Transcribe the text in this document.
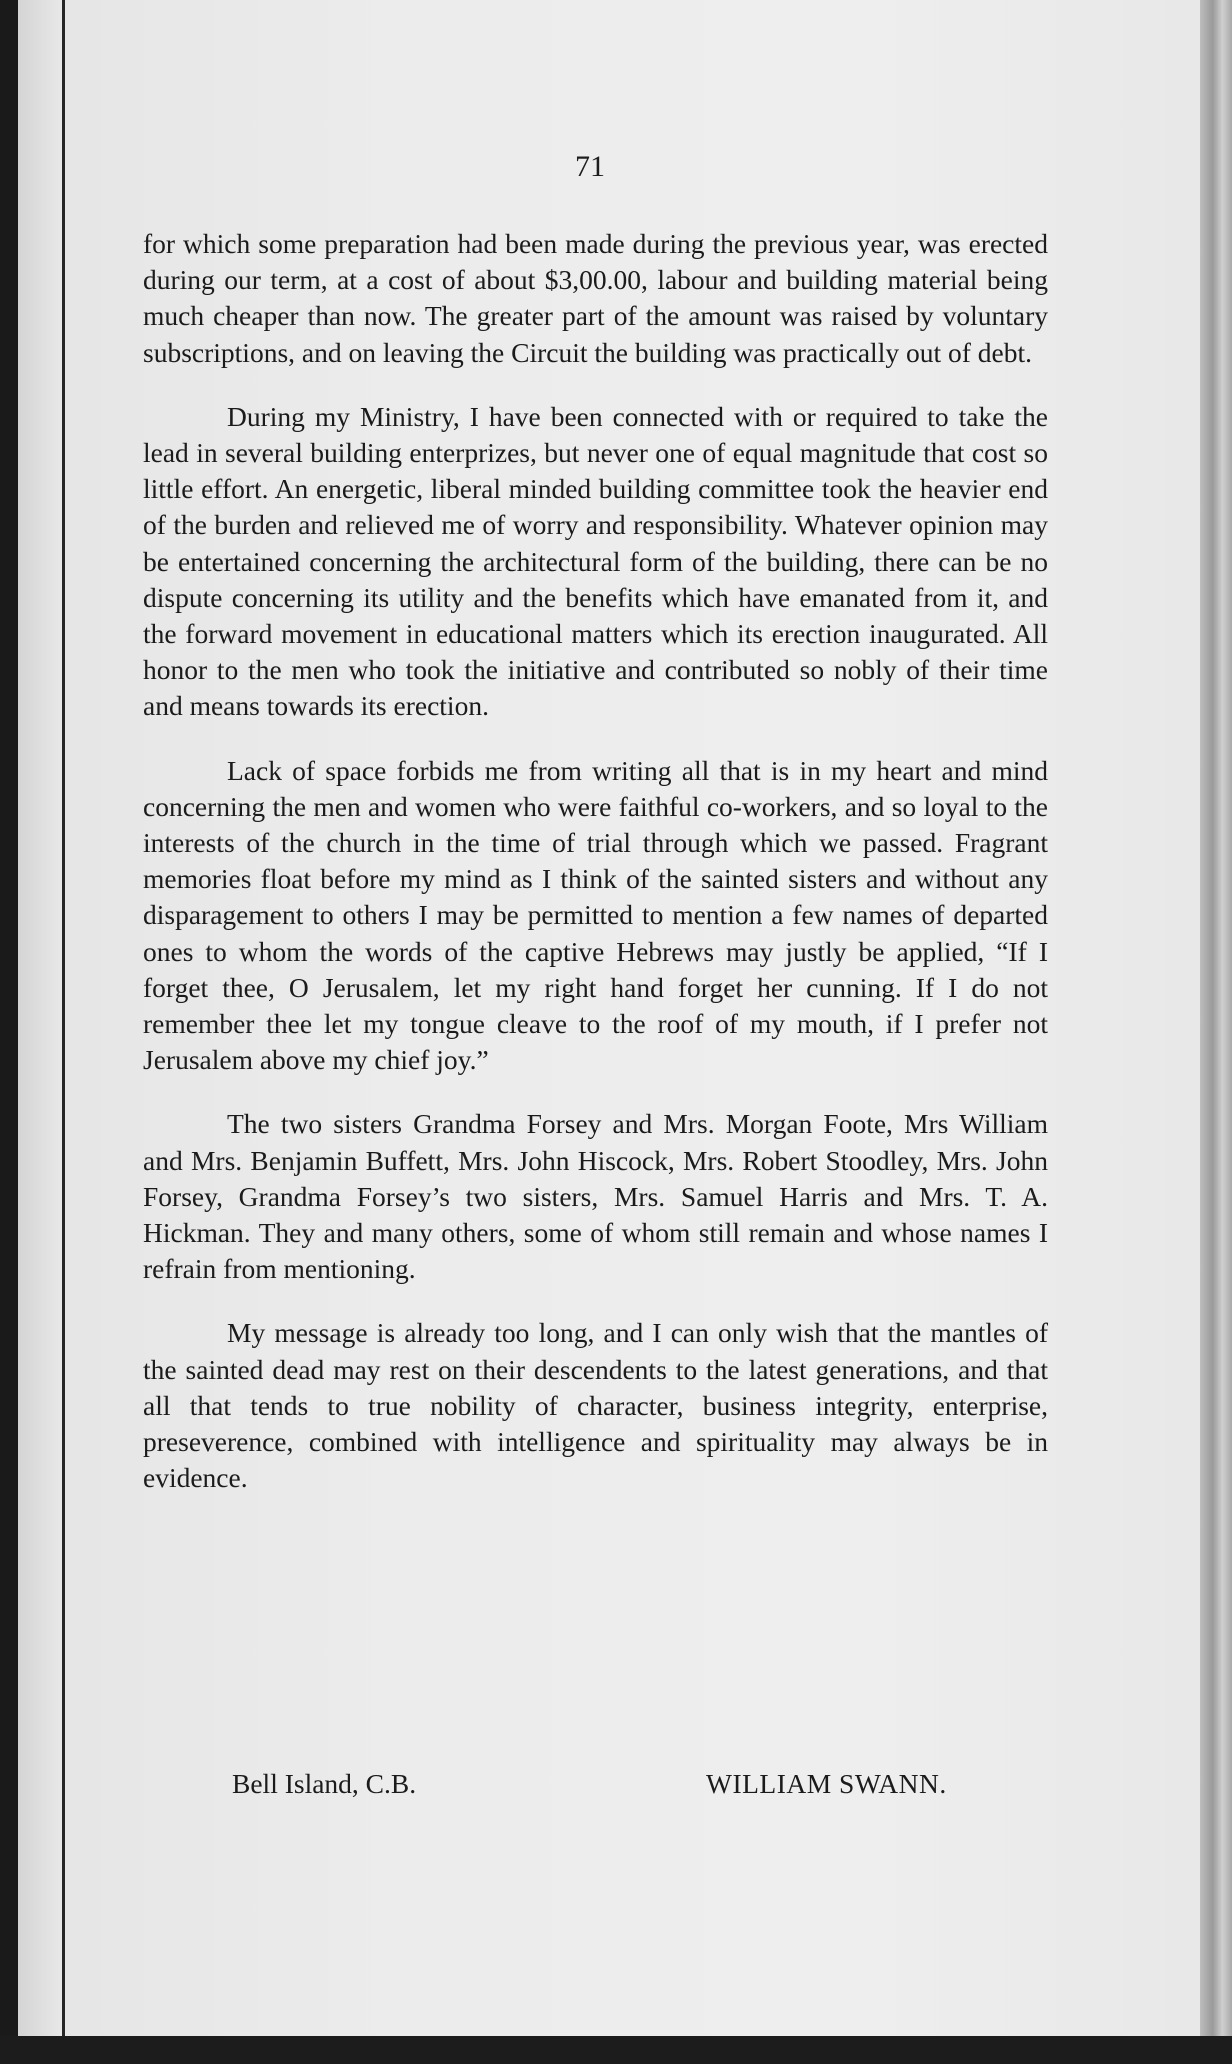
71

for which some preparation had been made during the previous year, was erected during our term, at a cost of about $3,00.00, labour and building material being much cheaper than now. The greater part of the amount was raised by voluntary subscriptions, and on leaving the Circuit the building was practically out of debt.

During my Ministry, I have been connected with or required to take the lead in several building enterprizes, but never one of equal magnitude that cost so little effort. An energetic, liberal minded building committee took the heavier end of the burden and relieved me of worry and responsibility. Whatever opinion may be entertained concerning the architectural form of the building, there can be no dispute concerning its utility and the benefits which have emanated from it, and the forward movement in educational matters which its erection inaugurated. All honor to the men who took the initiative and contributed so nobly of their time and means towards its erection.

Lack of space forbids me from writing all that is in my heart and mind concerning the men and women who were faithful co-workers, and so loyal to the interests of the church in the time of trial through which we passed. Fragrant memories float before my mind as I think of the sainted sisters and without any disparagement to others I may be permitted to mention a few names of departed ones to whom the words of the captive Hebrews may justly be applied, “If I forget thee, O Jerusalem, let my right hand forget her cunning. If I do not remember thee let my tongue cleave to the roof of my mouth, if I prefer not Jerusalem above my chief joy.”

The two sisters Grandma Forsey and Mrs. Morgan Foote, Mrs William and Mrs. Benjamin Buffett, Mrs. John Hiscock, Mrs. Robert Stoodley, Mrs. John Forsey, Grandma Forsey’s two sisters, Mrs. Samuel Harris and Mrs. T. A. Hickman. They and many others, some of whom still remain and whose names I refrain from mentioning.

My message is already too long, and I can only wish that the mantles of the sainted dead may rest on their descendents to the latest generations, and that all that tends to true nobility of character, business integrity, enterprise, preseverence, combined with intelligence and spirituality may always be in evidence.

Bell Island, C.B.	WILLIAM SWANN.
